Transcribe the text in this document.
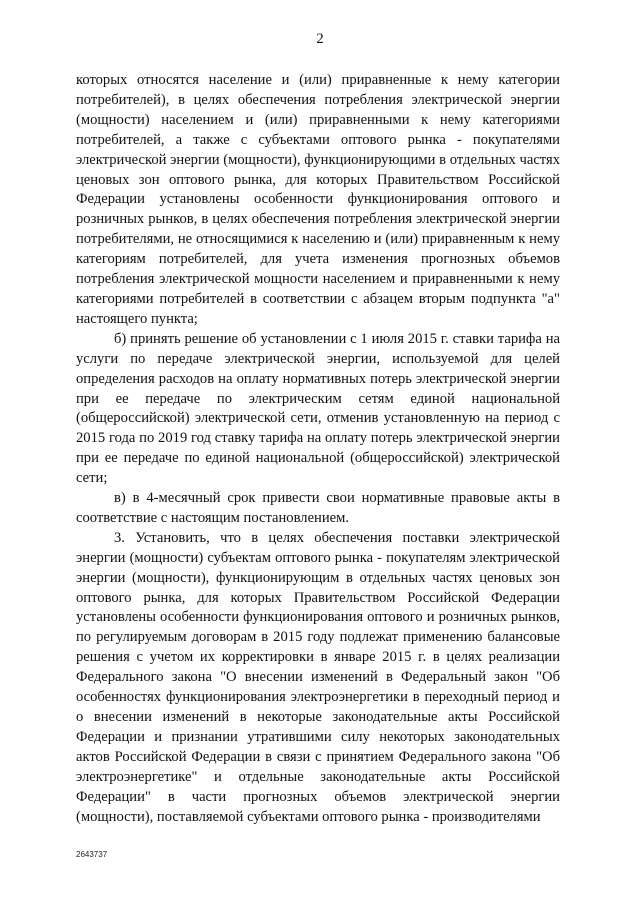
2

которых относятся население и (или) приравненные к нему категории потребителей), в целях обеспечения потребления электрической энергии (мощности) населением и (или) приравненными к нему категориями потребителей, а также с субъектами оптового рынка - покупателями электрической энергии (мощности), функционирующими в отдельных частях ценовых зон оптового рынка, для которых Правительством Российской Федерации установлены особенности функционирования оптового и розничных рынков, в целях обеспечения потребления электрической энергии потребителями, не относящимися к населению и (или) приравненным к нему категориям потребителей, для учета изменения прогнозных объемов потребления электрической мощности населением и приравненными к нему категориями потребителей в соответствии с абзацем вторым подпункта "а" настоящего пункта;

б) принять решение об установлении с 1 июля 2015 г. ставки тарифа на услуги по передаче электрической энергии, используемой для целей определения расходов на оплату нормативных потерь электрической энергии при ее передаче по электрическим сетям единой национальной (общероссийской) электрической сети, отменив установленную на период с 2015 года по 2019 год ставку тарифа на оплату потерь электрической энергии при ее передаче по единой национальной (общероссийской) электрической сети;

в) в 4-месячный срок привести свои нормативные правовые акты в соответствие с настоящим постановлением.

3. Установить, что в целях обеспечения поставки электрической энергии (мощности) субъектам оптового рынка - покупателям электрической энергии (мощности), функционирующим в отдельных частях ценовых зон оптового рынка, для которых Правительством Российской Федерации установлены особенности функционирования оптового и розничных рынков, по регулируемым договорам в 2015 году подлежат применению балансовые решения с учетом их корректировки в январе 2015 г. в целях реализации Федерального закона "О внесении изменений в Федеральный закон "Об особенностях функционирования электроэнергетики в переходный период и о внесении изменений в некоторые законодательные акты Российской Федерации и признании утратившими силу некоторых законодательных актов Российской Федерации в связи с принятием Федерального закона "Об электроэнергетике" и отдельные законодательные акты Российской Федерации" в части прогнозных объемов электрической энергии (мощности), поставляемой субъектами оптового рынка - производителями

2643737
